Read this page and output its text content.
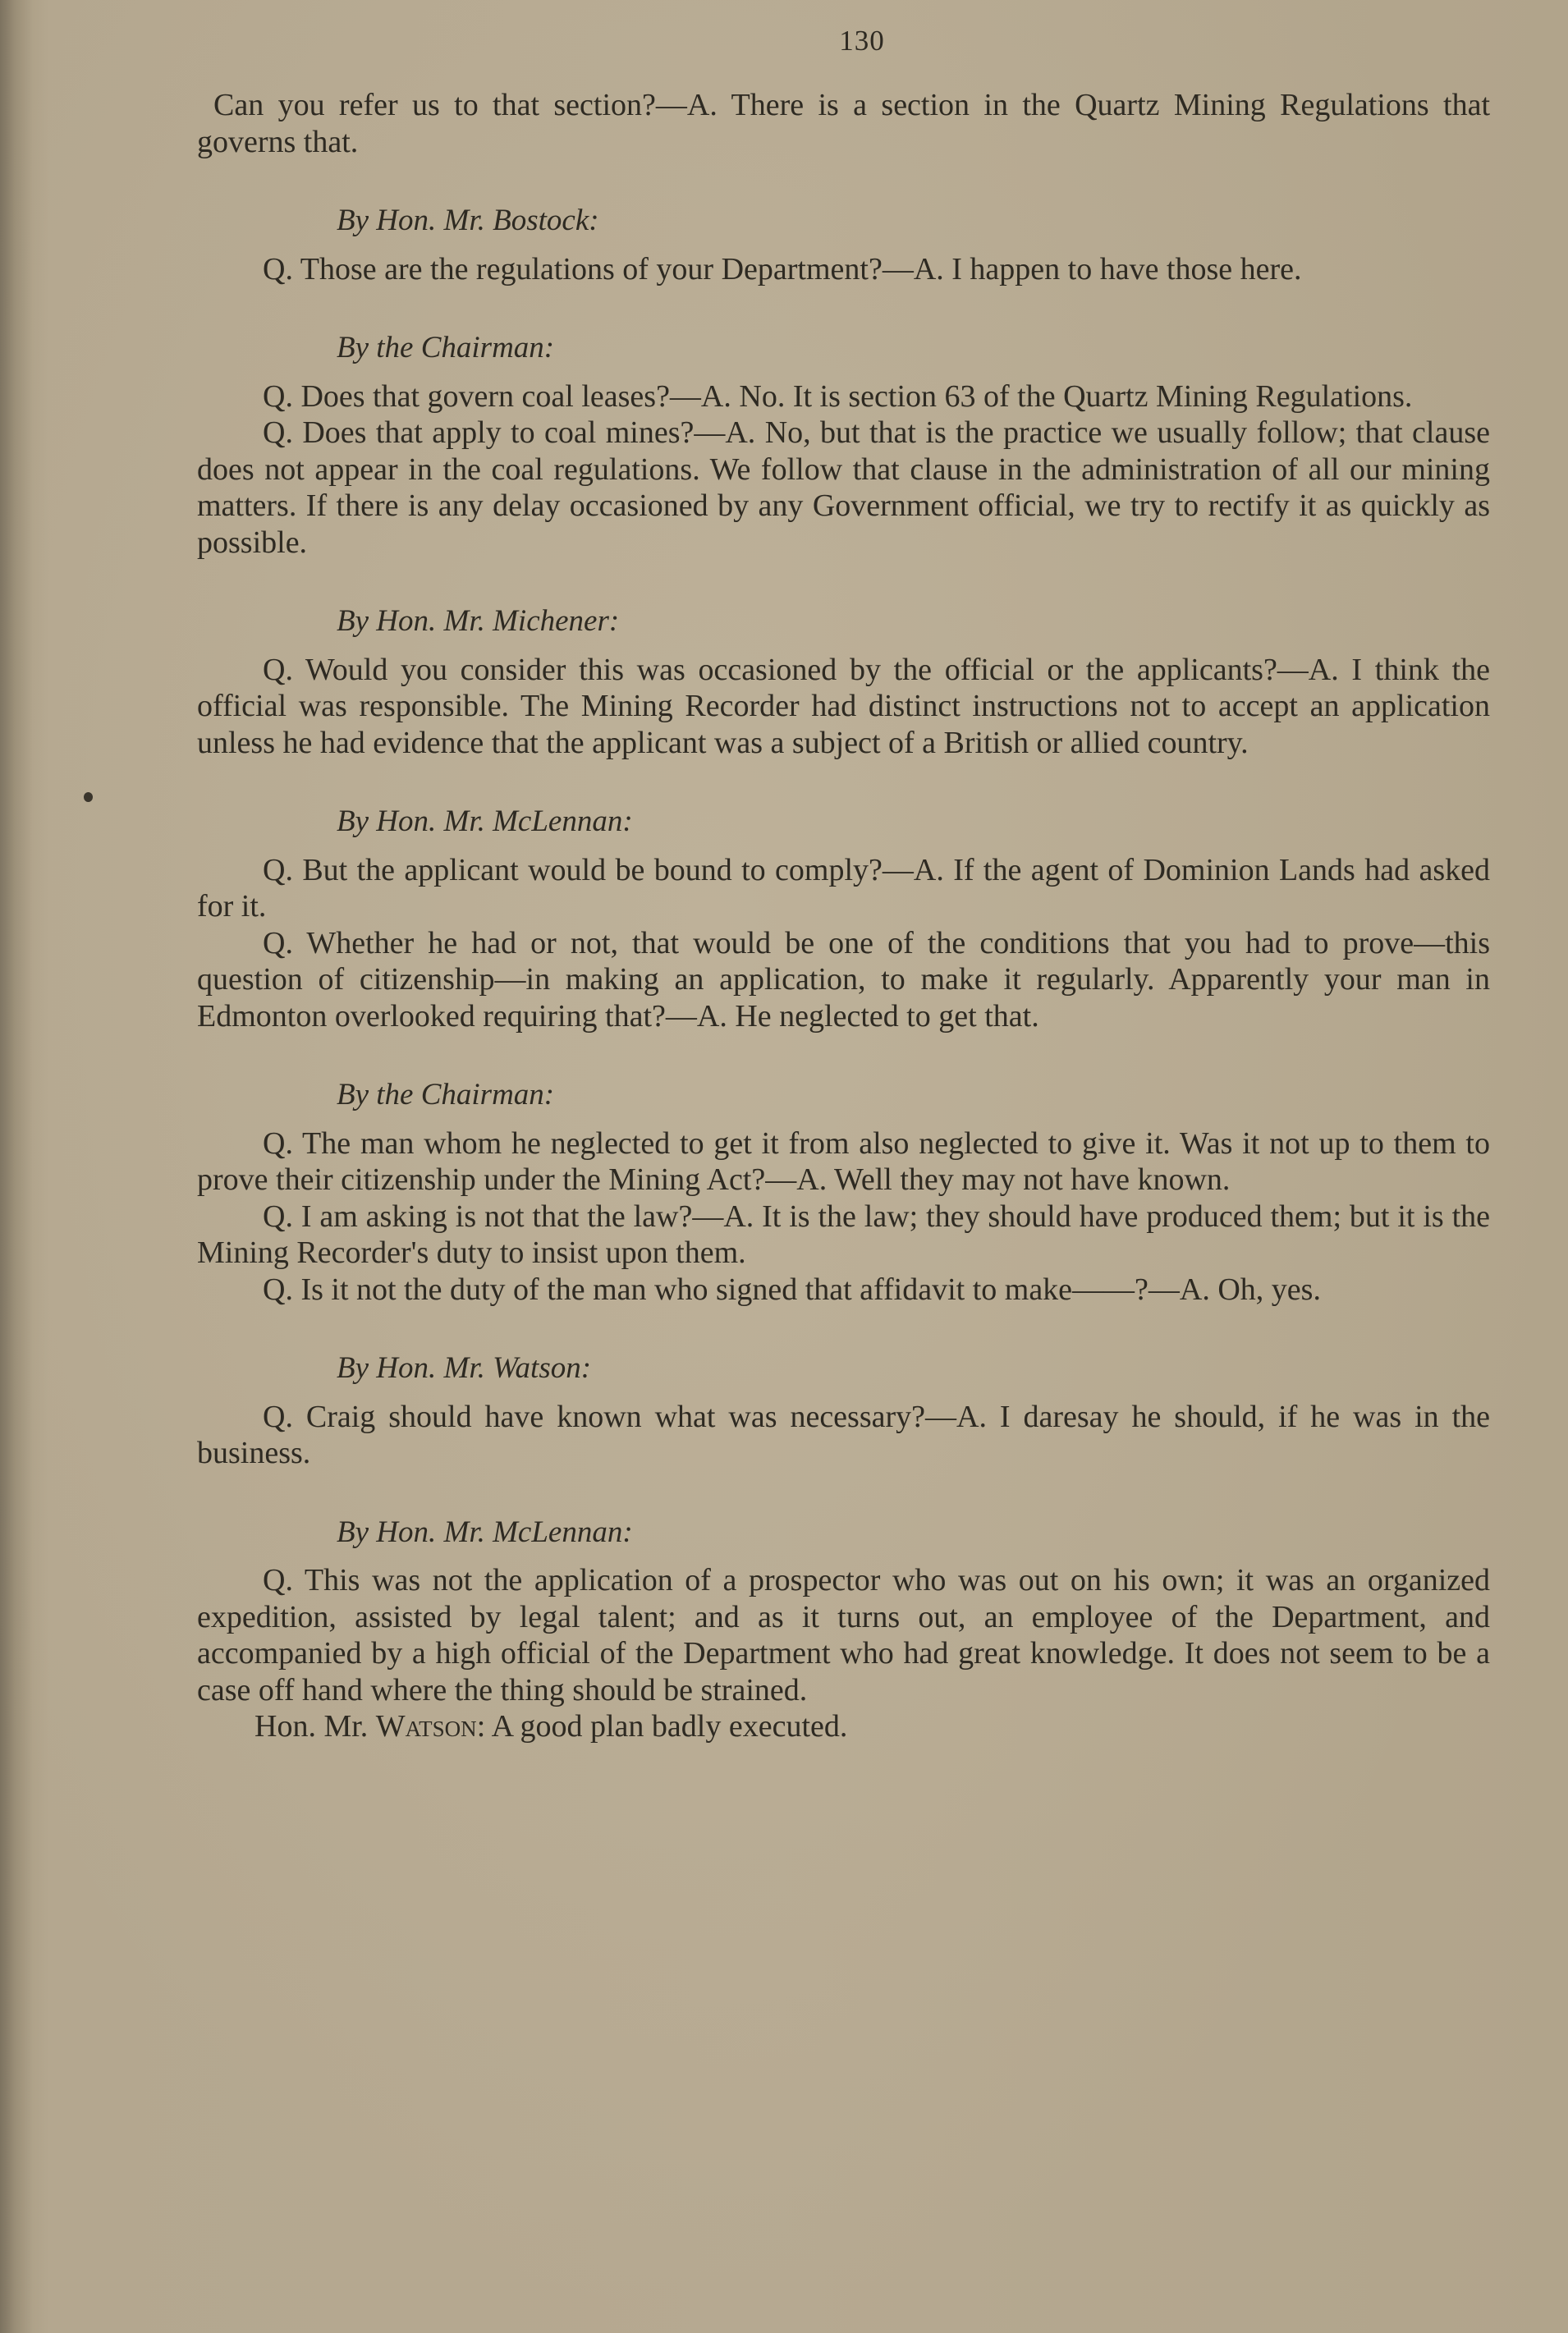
130

Can you refer us to that section?—A. There is a section in the Quartz Mining Regulations that governs that.

By Hon. Mr. Bostock:

Q. Those are the regulations of your Department?—A. I happen to have those here.

By the Chairman:

Q. Does that govern coal leases?—A. No. It is section 63 of the Quartz Mining Regulations.

Q. Does that apply to coal mines?—A. No, but that is the practice we usually follow; that clause does not appear in the coal regulations. We follow that clause in the administration of all our mining matters. If there is any delay occasioned by any Government official, we try to rectify it as quickly as possible.

By Hon. Mr. Michener:

Q. Would you consider this was occasioned by the official or the applicants?—A. I think the official was responsible. The Mining Recorder had distinct instructions not to accept an application unless he had evidence that the applicant was a subject of a British or allied country.

By Hon. Mr. McLennan:

Q. But the applicant would be bound to comply?—A. If the agent of Dominion Lands had asked for it.

Q. Whether he had or not, that would be one of the conditions that you had to prove—this question of citizenship—in making an application, to make it regularly. Apparently your man in Edmonton overlooked requiring that?—A. He neglected to get that.

By the Chairman:

Q. The man whom he neglected to get it from also neglected to give it. Was it not up to them to prove their citizenship under the Mining Act?—A. Well they may not have known.

Q. I am asking is not that the law?—A. It is the law; they should have produced them; but it is the Mining Recorder's duty to insist upon them.

Q. Is it not the duty of the man who signed that affidavit to make——?—A. Oh, yes.

By Hon. Mr. Watson:

Q. Craig should have known what was necessary?—A. I daresay he should, if he was in the business.

By Hon. Mr. McLennan:

Q. This was not the application of a prospector who was out on his own; it was an organized expedition, assisted by legal talent; and as it turns out, an employee of the Department, and accompanied by a high official of the Department who had great knowledge. It does not seem to be a case off hand where the thing should be strained.

Hon. Mr. Watson: A good plan badly executed.
